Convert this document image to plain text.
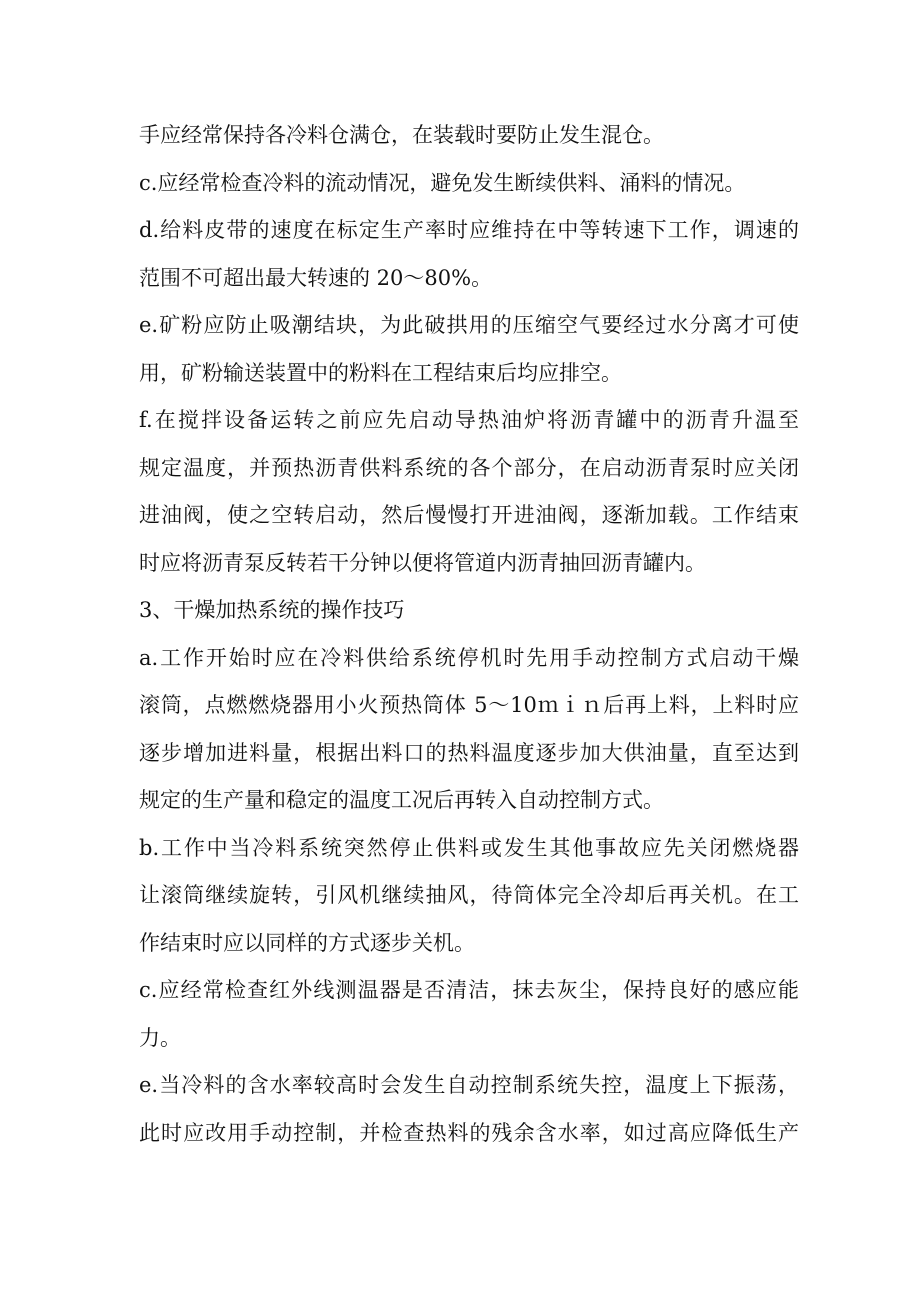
手应经常保持各冷料仓满仓，在装载时要防止发生混仓。
c.应经常检查冷料的流动情况，避免发生断续供料、涌料的情况。
d.给料皮带的速度在标定生产率时应维持在中等转速下工作，调速的
范围不可超出最大转速的 20～80%。
e.矿粉应防止吸潮结块，为此破拱用的压缩空气要经过水分离才可使
用，矿粉输送装置中的粉料在工程结束后均应排空。
f.在搅拌设备运转之前应先启动导热油炉将沥青罐中的沥青升温至
规定温度，并预热沥青供料系统的各个部分，在启动沥青泵时应关闭
进油阀，使之空转启动，然后慢慢打开进油阀，逐渐加载。工作结束
时应将沥青泵反转若干分钟以便将管道内沥青抽回沥青罐内。
3、干燥加热系统的操作技巧
a.工作开始时应在冷料供给系统停机时先用手动控制方式启动干燥
滚筒，点燃燃烧器用小火预热筒体 5～10ｍｉｎ后再上料，上料时应
逐步增加进料量，根据出料口的热料温度逐步加大供油量，直至达到
规定的生产量和稳定的温度工况后再转入自动控制方式。
b.工作中当冷料系统突然停止供料或发生其他事故应先关闭燃烧器
让滚筒继续旋转，引风机继续抽风，待筒体完全冷却后再关机。在工
作结束时应以同样的方式逐步关机。
c.应经常检查红外线测温器是否清洁，抹去灰尘，保持良好的感应能
力。
e.当冷料的含水率较高时会发生自动控制系统失控，温度上下振荡，
此时应改用手动控制，并检查热料的残余含水率，如过高应降低生产
